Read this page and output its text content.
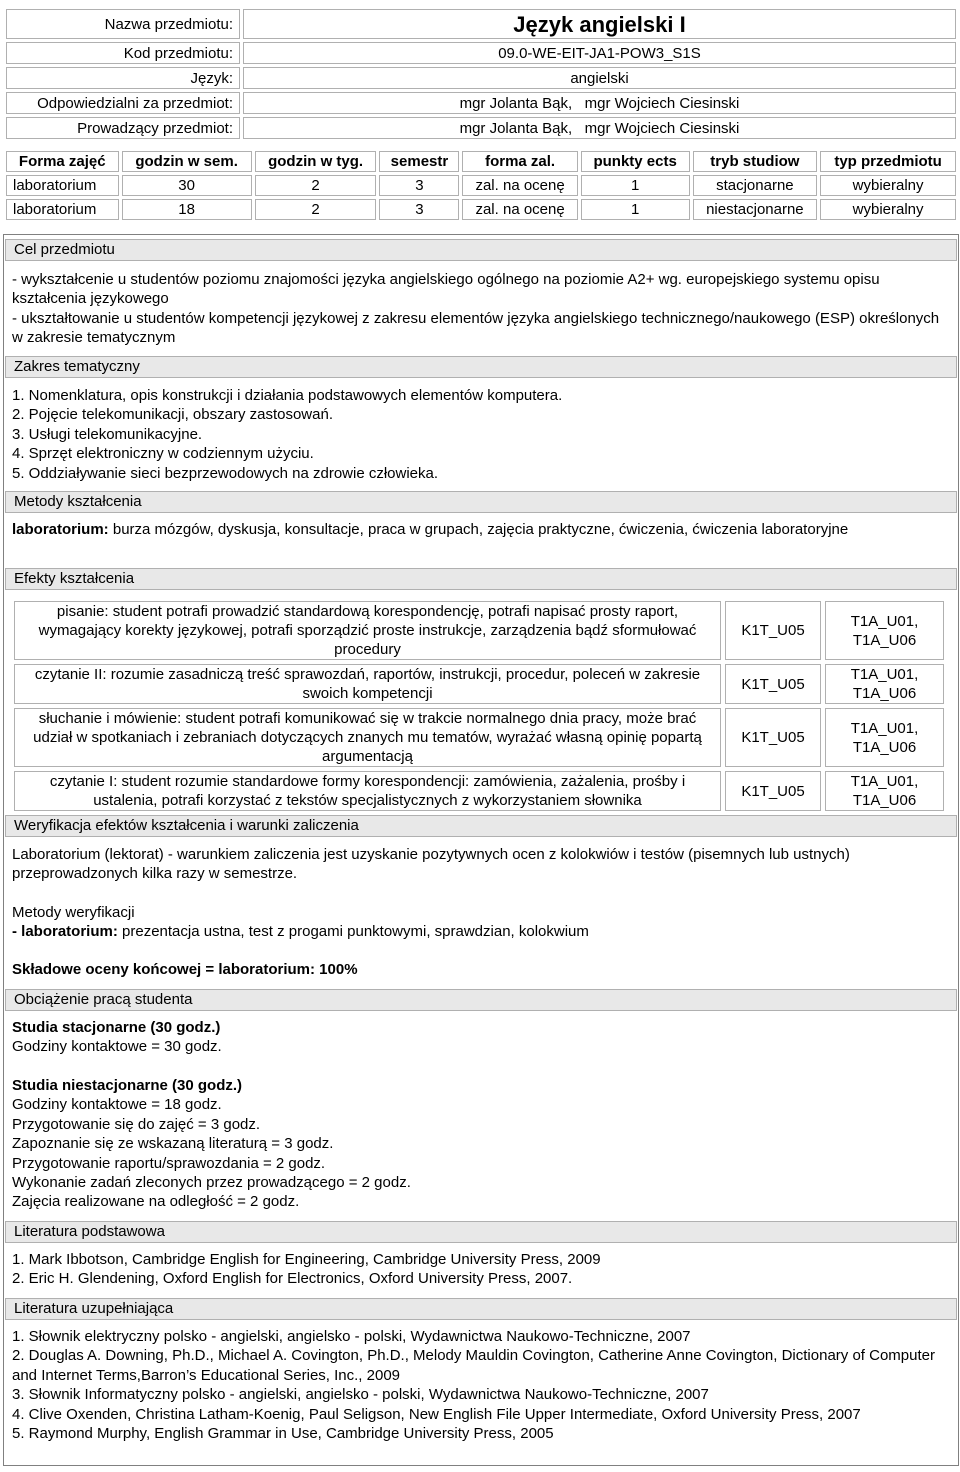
Nazwa przedmiotu:	Język angielski I
Kod przedmiotu:	09.0-WE-EIT-JA1-POW3_S1S
Język:	angielski
Odpowiedzialni za przedmiot:	mgr Jolanta Bąk,   mgr Wojciech Ciesinski
Prowadzący przedmiot:	mgr Jolanta Bąk,   mgr Wojciech Ciesinski
Forma zajęć	godzin w sem.	godzin w tyg.	semestr	forma zal.	punkty ects	tryb studiow	typ przedmiotu
laboratorium	30	2	3	zal. na ocenę	1	stacjonarne	wybieralny
laboratorium	18	2	3	zal. na ocenę	1	niestacjonarne	wybieralny
Cel przedmiotu

- wykształcenie u studentów poziomu znajomości języka angielskiego ogólnego na poziomie A2+ wg. europejskiego systemu opisu kształcenia językowego

- ukształtowanie u studentów kompetencji językowej z zakresu elementów języka angielskiego technicznego/naukowego (ESP) określonych w zakresie tematycznym

Zakres tematyczny

1. Nomenklatura, opis konstrukcji i działania podstawowych elementów komputera.

2. Pojęcie telekomunikacji, obszary zastosowań.

3. Usługi telekomunikacyjne.

4. Sprzęt elektroniczny w codziennym użyciu.

5. Oddziaływanie sieci bezprzewodowych na zdrowie człowieka.

Metody kształcenia

laboratorium: burza mózgów, dyskusja, konsultacje, praca w grupach, zajęcia praktyczne, ćwiczenia, ćwiczenia laboratoryjne

Efekty kształcenia
pisanie: student potrafi prowadzić standardową korespondencję, potrafi napisać prosty raport, wymagający korekty językowej, potrafi sporządzić proste instrukcje, zarządzenia bądź sformułować procedury	K1T_U05	T1A_U01, T1A_U06
czytanie II: rozumie zasadniczą treść sprawozdań, raportów, instrukcji, procedur, poleceń w zakresie swoich kompetencji	K1T_U05	T1A_U01, T1A_U06
słuchanie i mówienie: student potrafi komunikować się w trakcie normalnego dnia pracy, może brać udział w spotkaniach i zebraniach dotyczących znanych mu tematów, wyrażać własną opinię popartą argumentacją	K1T_U05	T1A_U01, T1A_U06
czytanie I: student rozumie standardowe formy korespondencji: zamówienia, zażalenia, prośby i ustalenia, potrafi korzystać z tekstów specjalistycznych z wykorzystaniem słownika	K1T_U05	T1A_U01, T1A_U06
Weryfikacja efektów kształcenia i warunki zaliczenia

Laboratorium (lektorat) - warunkiem zaliczenia jest uzyskanie pozytywnych ocen z kolokwiów i testów (pisemnych lub ustnych) przeprowadzonych kilka razy w semestrze.

Metody weryfikacji

- laboratorium: prezentacja ustna, test z progami punktowymi, sprawdzian, kolokwium

Składowe oceny końcowej = laboratorium: 100%

Obciążenie pracą studenta

Studia stacjonarne (30 godz.)

Godziny kontaktowe = 30 godz.

Studia niestacjonarne (30 godz.)

Godziny kontaktowe = 18 godz.

Przygotowanie się do zajęć = 3 godz.

Zapoznanie się ze wskazaną literaturą = 3 godz.

Przygotowanie raportu/sprawozdania = 2 godz.

Wykonanie zadań zleconych przez prowadzącego = 2 godz.

Zajęcia realizowane na odległość = 2 godz.

Literatura podstawowa

1. Mark Ibbotson, Cambridge English for Engineering, Cambridge University Press, 2009

2. Eric H. Glendening, Oxford English for Electronics, Oxford University Press, 2007.

Literatura uzupełniająca

1. Słownik elektryczny polsko - angielski, angielsko - polski, Wydawnictwa Naukowo-Techniczne, 2007

2. Douglas A. Downing, Ph.D., Michael A. Covington, Ph.D., Melody Mauldin Covington, Catherine Anne Covington, Dictionary of Computer and Internet Terms,Barron’s Educational Series, Inc., 2009

3. Słownik Informatyczny polsko - angielski, angielsko - polski, Wydawnictwa Naukowo-Techniczne, 2007

4. Clive Oxenden, Christina Latham-Koenig, Paul Seligson, New English File Upper Intermediate, Oxford University Press, 2007

5. Raymond Murphy, English Grammar in Use, Cambridge University Press, 2005
